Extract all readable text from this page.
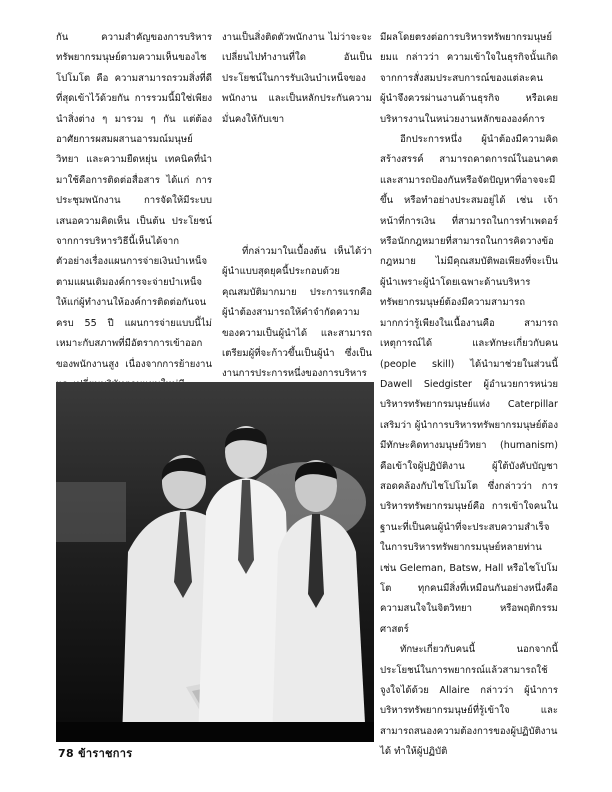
กัน ความสำคัญของการบริหารทรัพยากรมนุษย์ตามความเห็นของไชโปโมโต คือ ความสามารถรวมสิ่งที่ดีที่สุดเข้าไว้ด้วยกัน การรวมนี้มิใช่เพียงนำสิ่งต่าง ๆ มารวม ๆ กัน แต่ต้องอาศัยการผสมผสานอารมณ์มนุษย์วิทยา และความยืดหยุ่น เทคนิคที่นำมาใช้คือการติดต่อสื่อสาร ได้แก่ การประชุมพนักงาน การจัดให้มีระบบเสนอความคิดเห็น เป็นต้น ประโยชน์จากการบริหารวิธีนี้เห็นได้จากตัวอย่างเรื่องแผนการจ่ายเงินบำเหน็จ ตามแผนเดิมองค์การจะจ่ายบำเหน็จให้แก่ผู้ทำงานให้องค์การติดต่อกันจนครบ 55 ปี แผนการจ่ายแบบนี้ไม่เหมาะกับสภาพที่มีอัตราการเข้าออกของพนักงานสูง เนื่องจากการย้ายงาน

งานเป็นสิ่งติดตัวพนักงาน ไม่ว่าจะจะเปลี่ยนไปทำงานที่ใด อันเป็นประโยชน์ในการรับเงินบำเหน็จของพนักงาน และเป็นหลักประกันความมั่นคงให้กับเขา

ที่กล่าวมาในเบื้องต้น เห็นได้ว่า ผู้นำแบบสุดยุคนี้ประกอบด้วยคุณสมบัติมากมาย ประการแรกคือผู้นำต้องสามารถให้คำจำกัดความของความเป็นผู้นำได้ และสามารถเตรียมผู้ที่จะก้าวขึ้นเป็นผู้นำ ซึ่งเป็นงานการประการหนึ่งของการบริหาร

มีผลโดยตรงต่อการบริหารทรัพยากรมนุษย์ยมแ กล่าวว่า ความเข้าใจในธุรกิจนั้นเกิดจากการสั่งสมประสบการณ์ของแต่ละคน ผู้นำจึงควรผ่านงานด้านธุรกิจ หรือเคยบริหารงานในหน่วยงานหลักขององค์การ

อีกประการหนึ่ง ผู้นำต้องมีความคิดสร้างสรรค์ สามารถคาดการณ์ในอนาคต และสามารถป้องกันหรือจัดปัญหาที่อาจจะมีขึ้น หรือทำอย่างประสมอยู่ได้ เช่น เจ้าหน้าที่การเงิน ที่สามารถในการทำเพดอร์หรือนักกฎหมายที่สามารถในการคิดวางข้อกฎหมาย ไม่มีคุณสมบัติพอเพียงที่จะเป็นผู้นำเพราะผู้นำโดยเฉพาะด้านบริหารทรัพยากรมนุษย์ต้องมีความสามารถมากกว่ารู้เพียงในเนื้องานคือ สามารถเหตุการณ์ได้ และทักษะเกี่ยวกับคน (people skill) ได้นำมาช่วยในส่วนนี้ Dawell Siedgister ผู้อำนวยการหน่วยบริหารทรัพยากรมนุษย์แห่ง Caterpillar เสริมว่า ผู้นำการบริหารทรัพยากรมนุษย์ต้องมีทักษะคิดทางมนุษย์วิทยา (humanism) คือเข้าใจผู้ปฏิบัติงาน ผู้ใต้บังคับบัญชา สอดคล้องกับไชโปโมโต ซึ่งกล่าวว่า การบริหารทรัพยากรมนุษย์คือ การเข้าใจคนในฐานะที่เป็นคนผู้นำที่จะประสบความสำเร็จในการบริหารทรัพยากรมนุษย์หลายท่าน เช่น Geleman, Batsw, Hall หรือไชโปโมโต ทุกคนมีสิ่งที่เหมือนกันอย่างหนึ่งคือ ความสนใจในจิตวิทยา หรือพฤติกรรมศาสตร์

ทักษะเกี่ยวกับคนนี้ นอกจากนี้ประโยชน์ในการพยากรณ์แล้วสามารถใช้จูงใจได้ด้วย Allaire กล่าวว่า ผู้นำการบริหารทรัพยากรมนุษย์ที่รู้เข้าใจ และสามารถสนองความต้องการของผู้ปฏิบัติงานได้ ทำให้ผู้ปฏิบัติ

78 ข้าราชการ
